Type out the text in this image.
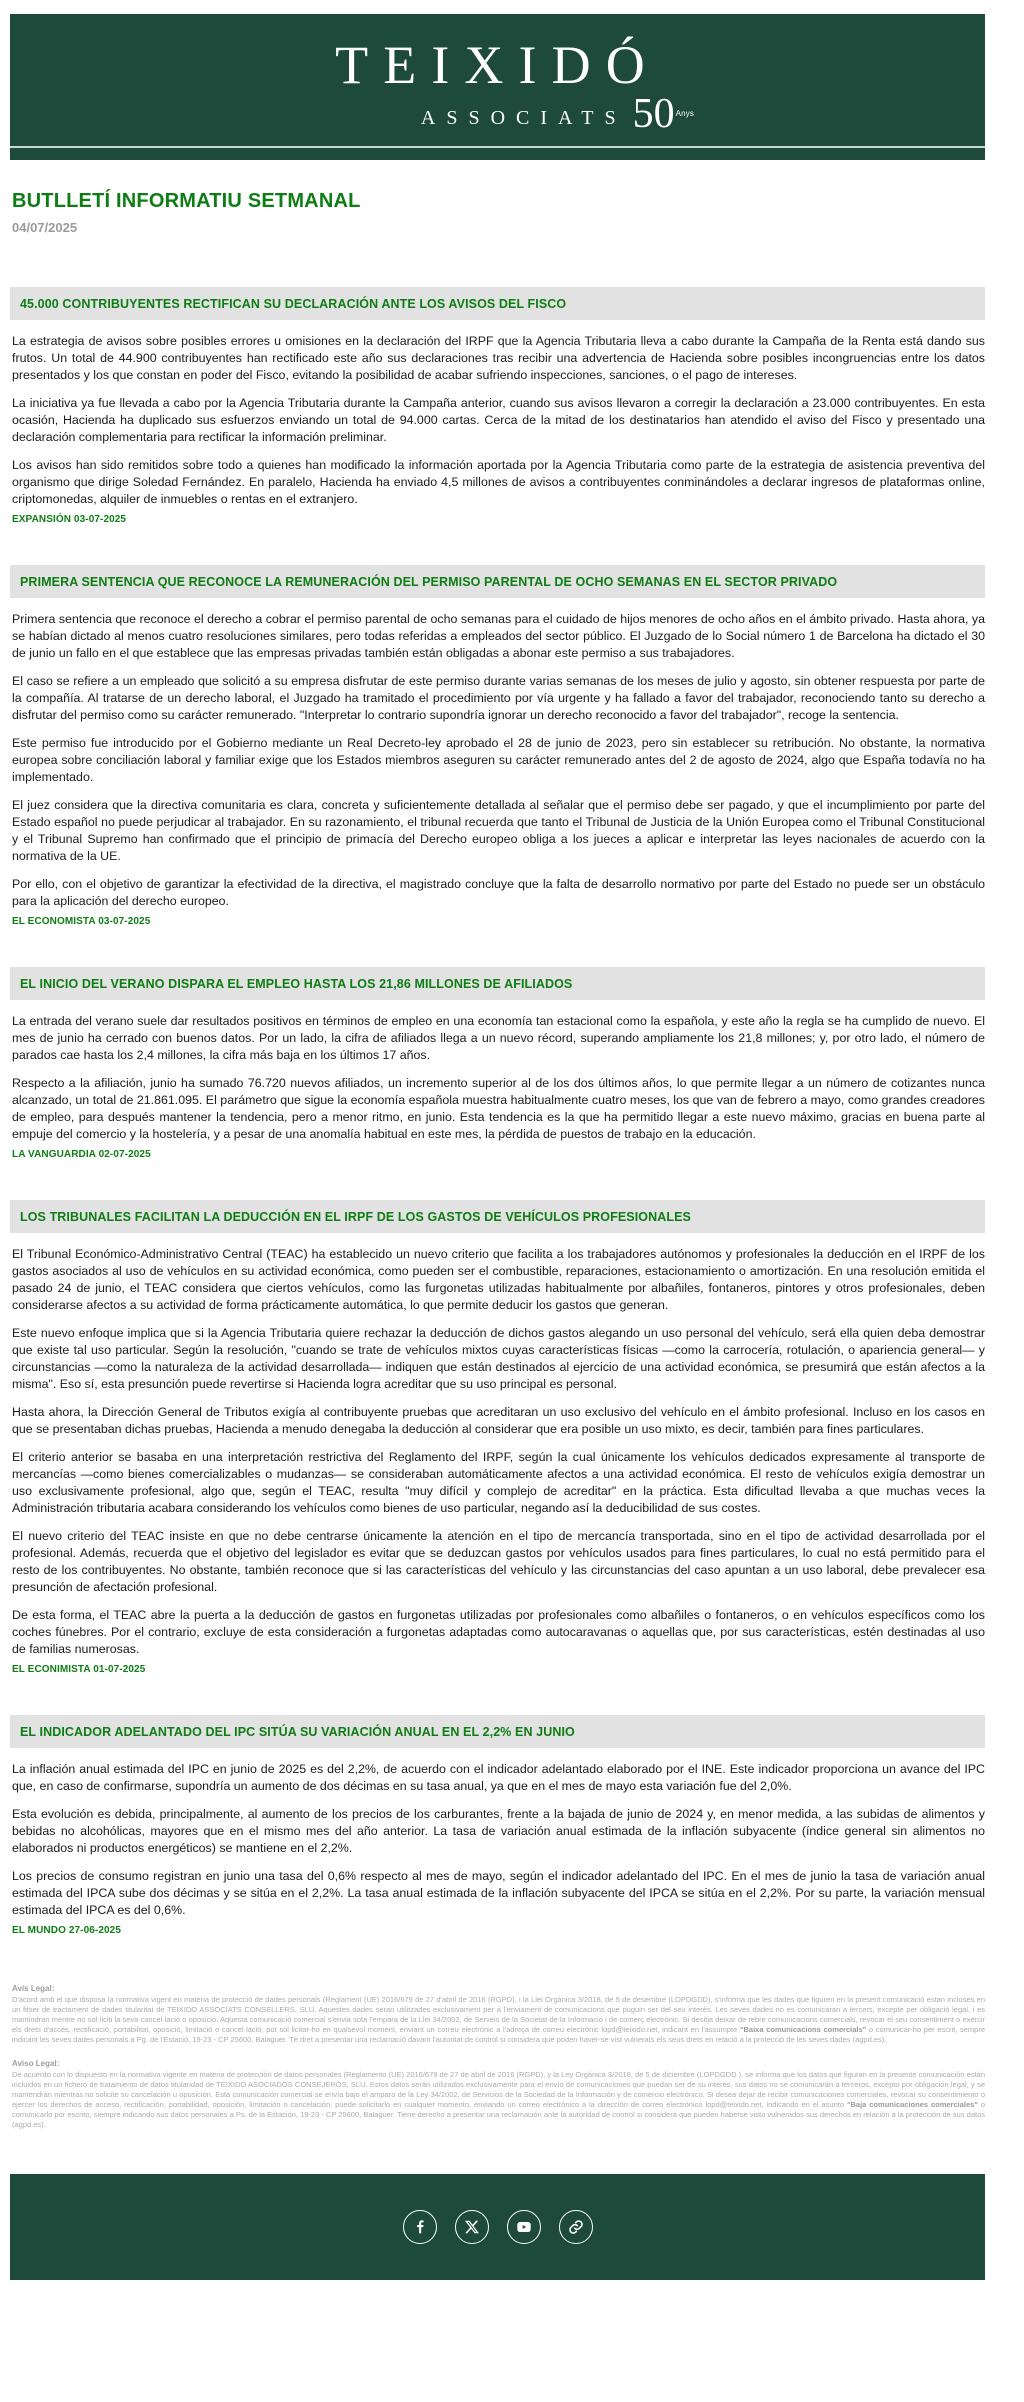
TEIXIDÓ
ASSOCIATS 50 Anys
BUTLLETÍ INFORMATIU SETMANAL
04/07/2025
45.000 CONTRIBUYENTES RECTIFICAN SU DECLARACIÓN ANTE LOS AVISOS DEL FISCO

La estrategia de avisos sobre posibles errores u omisiones en la declaración del IRPF que la Agencia Tributaria lleva a cabo durante la Campaña de la Renta está dando sus frutos. Un total de 44.900 contribuyentes han rectificado este año sus declaraciones tras recibir una advertencia de Hacienda sobre posibles incongruencias entre los datos presentados y los que constan en poder del Fisco, evitando la posibilidad de acabar sufriendo inspecciones, sanciones, o el pago de intereses.

La iniciativa ya fue llevada a cabo por la Agencia Tributaria durante la Campaña anterior, cuando sus avisos llevaron a corregir la declaración a 23.000 contribuyentes. En esta ocasión, Hacienda ha duplicado sus esfuerzos enviando un total de 94.000 cartas. Cerca de la mitad de los destinatarios han atendido el aviso del Fisco y presentado una declaración complementaria para rectificar la información preliminar.

Los avisos han sido remitidos sobre todo a quienes han modificado la información aportada por la Agencia Tributaria como parte de la estrategia de asistencia preventiva del organismo que dirige Soledad Fernández. En paralelo, Hacienda ha enviado 4,5 millones de avisos a contribuyentes conminándoles a declarar ingresos de plataformas online, criptomonedas, alquiler de inmuebles o rentas en el extranjero.

EXPANSIÓN 03-07-2025
PRIMERA SENTENCIA QUE RECONOCE LA REMUNERACIÓN DEL PERMISO PARENTAL DE OCHO SEMANAS EN EL SECTOR PRIVADO

Primera sentencia que reconoce el derecho a cobrar el permiso parental de ocho semanas para el cuidado de hijos menores de ocho años en el ámbito privado. Hasta ahora, ya se habían dictado al menos cuatro resoluciones similares, pero todas referidas a empleados del sector público. El Juzgado de lo Social número 1 de Barcelona ha dictado el 30 de junio un fallo en el que establece que las empresas privadas también están obligadas a abonar este permiso a sus trabajadores.

El caso se refiere a un empleado que solicitó a su empresa disfrutar de este permiso durante varias semanas de los meses de julio y agosto, sin obtener respuesta por parte de la compañía. Al tratarse de un derecho laboral, el Juzgado ha tramitado el procedimiento por vía urgente y ha fallado a favor del trabajador, reconociendo tanto su derecho a disfrutar del permiso como su carácter remunerado. "Interpretar lo contrario supondría ignorar un derecho reconocido a favor del trabajador", recoge la sentencia.

Este permiso fue introducido por el Gobierno mediante un Real Decreto-ley aprobado el 28 de junio de 2023, pero sin establecer su retribución. No obstante, la normativa europea sobre conciliación laboral y familiar exige que los Estados miembros aseguren su carácter remunerado antes del 2 de agosto de 2024, algo que España todavía no ha implementado.

El juez considera que la directiva comunitaria es clara, concreta y suficientemente detallada al señalar que el permiso debe ser pagado, y que el incumplimiento por parte del Estado español no puede perjudicar al trabajador. En su razonamiento, el tribunal recuerda que tanto el Tribunal de Justicia de la Unión Europea como el Tribunal Constitucional y el Tribunal Supremo han confirmado que el principio de primacía del Derecho europeo obliga a los jueces a aplicar e interpretar las leyes nacionales de acuerdo con la normativa de la UE.

Por ello, con el objetivo de garantizar la efectividad de la directiva, el magistrado concluye que la falta de desarrollo normativo por parte del Estado no puede ser un obstáculo para la aplicación del derecho europeo.

EL ECONOMISTA 03-07-2025
EL INICIO DEL VERANO DISPARA EL EMPLEO HASTA LOS 21,86 MILLONES DE AFILIADOS

La entrada del verano suele dar resultados positivos en términos de empleo en una economía tan estacional como la española, y este año la regla se ha cumplido de nuevo. El mes de junio ha cerrado con buenos datos. Por un lado, la cifra de afiliados llega a un nuevo récord, superando ampliamente los 21,8 millones; y, por otro lado, el número de parados cae hasta los 2,4 millones, la cifra más baja en los últimos 17 años.

Respecto a la afiliación, junio ha sumado 76.720 nuevos afiliados, un incremento superior al de los dos últimos años, lo que permite llegar a un número de cotizantes nunca alcanzado, un total de 21.861.095. El parámetro que sigue la economía española muestra habitualmente cuatro meses, los que van de febrero a mayo, como grandes creadores de empleo, para después mantener la tendencia, pero a menor ritmo, en junio. Esta tendencia es la que ha permitido llegar a este nuevo máximo, gracias en buena parte al empuje del comercio y la hostelería, y a pesar de una anomalía habitual en este mes, la pérdida de puestos de trabajo en la educación.

LA VANGUARDIA 02-07-2025
LOS TRIBUNALES FACILITAN LA DEDUCCIÓN EN EL IRPF DE LOS GASTOS DE VEHÍCULOS PROFESIONALES

El Tribunal Económico-Administrativo Central (TEAC) ha establecido un nuevo criterio que facilita a los trabajadores autónomos y profesionales la deducción en el IRPF de los gastos asociados al uso de vehículos en su actividad económica, como pueden ser el combustible, reparaciones, estacionamiento o amortización. En una resolución emitida el pasado 24 de junio, el TEAC considera que ciertos vehículos, como las furgonetas utilizadas habitualmente por albañiles, fontaneros, pintores y otros profesionales, deben considerarse afectos a su actividad de forma prácticamente automática, lo que permite deducir los gastos que generan.

Este nuevo enfoque implica que si la Agencia Tributaria quiere rechazar la deducción de dichos gastos alegando un uso personal del vehículo, será ella quien deba demostrar que existe tal uso particular. Según la resolución, "cuando se trate de vehículos mixtos cuyas características físicas —como la carrocería, rotulación, o apariencia general— y circunstancias —como la naturaleza de la actividad desarrollada— indiquen que están destinados al ejercicio de una actividad económica, se presumirá que están afectos a la misma". Eso sí, esta presunción puede revertirse si Hacienda logra acreditar que su uso principal es personal.

Hasta ahora, la Dirección General de Tributos exigía al contribuyente pruebas que acreditaran un uso exclusivo del vehículo en el ámbito profesional. Incluso en los casos en que se presentaban dichas pruebas, Hacienda a menudo denegaba la deducción al considerar que era posible un uso mixto, es decir, también para fines particulares.

El criterio anterior se basaba en una interpretación restrictiva del Reglamento del IRPF, según la cual únicamente los vehículos dedicados expresamente al transporte de mercancías —como bienes comercializables o mudanzas— se consideraban automáticamente afectos a una actividad económica. El resto de vehículos exigía demostrar un uso exclusivamente profesional, algo que, según el TEAC, resulta "muy difícil y complejo de acreditar" en la práctica. Esta dificultad llevaba a que muchas veces la Administración tributaria acabara considerando los vehículos como bienes de uso particular, negando así la deducibilidad de sus costes.

El nuevo criterio del TEAC insiste en que no debe centrarse únicamente la atención en el tipo de mercancía transportada, sino en el tipo de actividad desarrollada por el profesional. Además, recuerda que el objetivo del legislador es evitar que se deduzcan gastos por vehículos usados para fines particulares, lo cual no está permitido para el resto de los contribuyentes. No obstante, también reconoce que si las características del vehículo y las circunstancias del caso apuntan a un uso laboral, debe prevalecer esa presunción de afectación profesional.

De esta forma, el TEAC abre la puerta a la deducción de gastos en furgonetas utilizadas por profesionales como albañiles o fontaneros, o en vehículos específicos como los coches fúnebres. Por el contrario, excluye de esta consideración a furgonetas adaptadas como autocaravanas o aquellas que, por sus características, estén destinadas al uso de familias numerosas.

EL ECONIMISTA 01-07-2025
EL INDICADOR ADELANTADO DEL IPC SITÚA SU VARIACIÓN ANUAL EN EL 2,2% EN JUNIO

La inflación anual estimada del IPC en junio de 2025 es del 2,2%, de acuerdo con el indicador adelantado elaborado por el INE. Este indicador proporciona un avance del IPC que, en caso de confirmarse, supondría un aumento de dos décimas en su tasa anual, ya que en el mes de mayo esta variación fue del 2,0%.

Esta evolución es debida, principalmente, al aumento de los precios de los carburantes, frente a la bajada de junio de 2024 y, en menor medida, a las subidas de alimentos y bebidas no alcohólicas, mayores que en el mismo mes del año anterior. La tasa de variación anual estimada de la inflación subyacente (índice general sin alimentos no elaborados ni productos energéticos) se mantiene en el 2,2%.

Los precios de consumo registran en junio una tasa del 0,6% respecto al mes de mayo, según el indicador adelantado del IPC. En el mes de junio la tasa de variación anual estimada del IPCA sube dos décimas y se sitúa en el 2,2%. La tasa anual estimada de la inflación subyacente del IPCA se sitúa en el 2,2%. Por su parte, la variación mensual estimada del IPCA es del 0,6%.

EL MUNDO 27-06-2025
Avís Legal:

D'acord amb el que disposa la normativa vigent en matèria de protecció de dades personals (Reglament (UE) 2016/679 de 27 d'abril de 2016 (RGPD), i la Llei Orgànica 3/2018, de 5 de desembre (LOPDGDD), s'informa que les dades que figuren en la present comunicació estan incloses en un fitxer de tractament de dades titularitat de TEIXIDO ASSOCIATS CONSELLERS, SLU. Aquestes dades seran utilitzades exclusivament per a l'enviament de comunicacions que puguin ser del seu interès. Les seves dades no es comunicaran a tercers, excepte per obligació legal, i es mantindran mentre no sol·liciti la seva cancel·lació o oposició. Aquesta comunicació comercial s'envia sota l'empara de la Llei 34/2002, de Serveis de la Societat de la Informació i de comerç electrònic. Si desitja deixar de rebre comunicacions comercials, revocar el seu consentiment o exercir els drets d'accés, rectificació, portabilitat, oposició, limitació o cancel·lació, pot sol·licitar-ho en qualsevol moment, enviant un correu electrònic a l'adreça de correu electrònic lopd@teixido.net, indicant en l'assumpte "Baixa comunicacions comercials" o comunicar-ho per escrit, sempre indicant les seves dades personals a Pg. de l'Estació, 19-23 - CP 25600, Balaguer. Té dret a presentar una reclamació davant l'autoritat de control si considera que poden haver-se vist vulnerats els seus drets en relació a la protecció de les seves dades (agpd.es).

Aviso Legal:

De acuerdo con lo dispuesto en la normativa vigente en materia de protección de datos personales (Reglamento (UE) 2016/679 de 27 de abril de 2016 (RGPD), y la Ley Orgánica 3/2018, de 5 de diciembre (LOPDGDD ), se informa que los datos que figuran en la presente comunicación están incluidos en un fichero de tratamiento de datos titularidad de TEIXIDO ASOCIADOS CONSEJEROS, SLU. Estos datos serán utilizados exclusivamente para el envío de comunicaciones que puedan ser de su interés. sus datos no se comunicarán a terceros, excepto por obligación legal, y se mantendrán mientras no solicite su cancelación u oposición. Esta comunicación comercial se envía bajo el amparo de la Ley 34/2002, de Servicios de la Sociedad de la Información y de comercio electrónico. Si desea dejar de recibir comunicaciones comerciales, revocar su consentimiento o ejercer los derechos de acceso, rectificación, portabilidad, oposición, limitación o cancelación, puede solicitarlo en cualquier momento, enviando un correo electrónico a la dirección de correo electrónico lopd@teixido.net, indicando en el asunto "Baja comunicaciones comerciales" o comunicarlo por escrito, siempre indicando sus datos personales a Ps. de la Estación, 19-23 - CP 25600, Balaguer. Tiene derecho a presentar una reclamación ante la autoridad de control si considera que pueden haberse visto vulnerados sus derechos en relación a la protección de sus datos (agpd.es).
